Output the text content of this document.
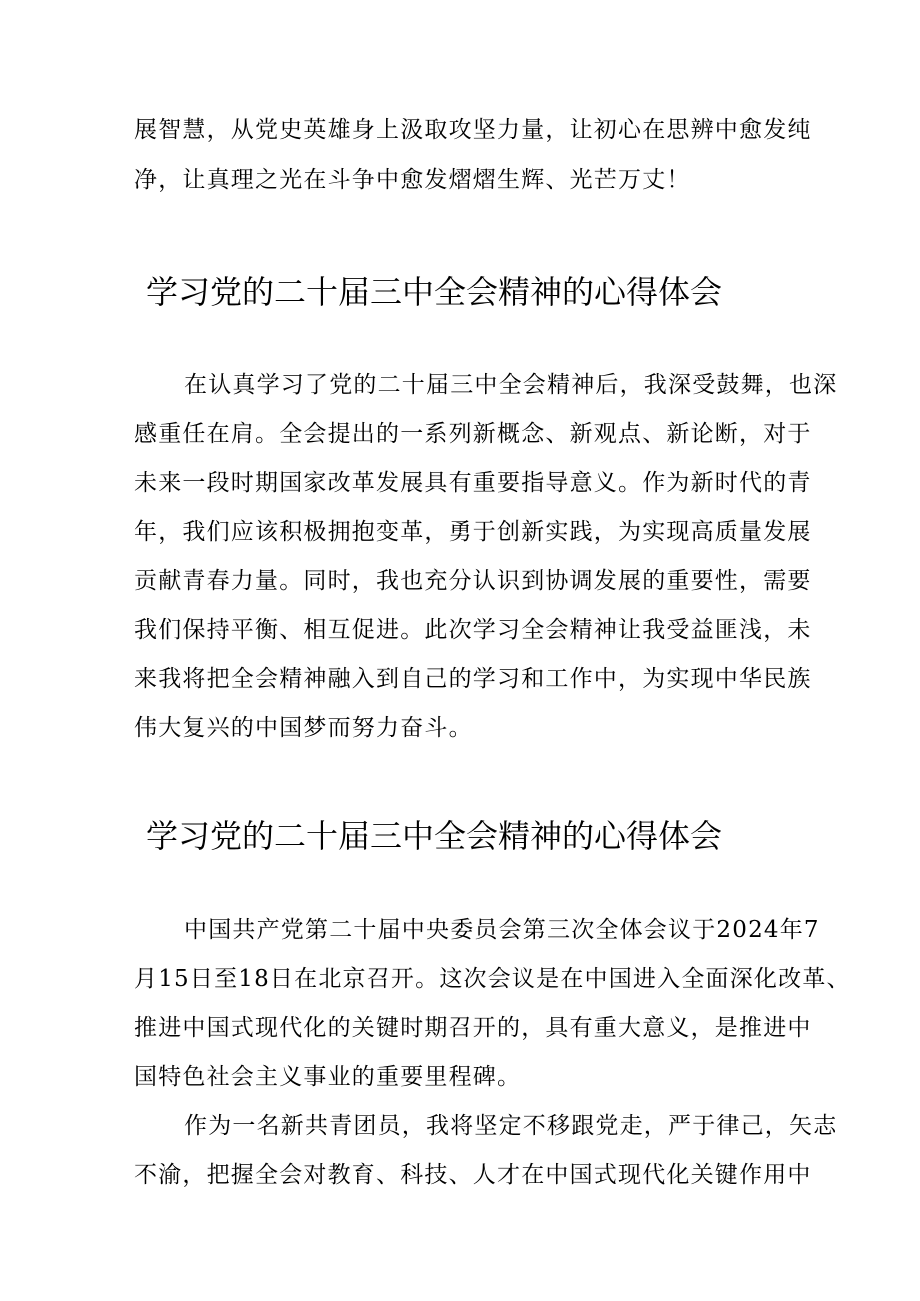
展智慧，从党史英雄身上汲取攻坚力量，让初心在思辨中愈发纯
净，让真理之光在斗争中愈发熠熠生辉、光芒万丈！
学习党的二十届三中全会精神的心得体会
在认真学习了党的二十届三中全会精神后，我深受鼓舞，也深
感重任在肩。全会提出的一系列新概念、新观点、新论断，对于
未来一段时期国家改革发展具有重要指导意义。作为新时代的青
年，我们应该积极拥抱变革，勇于创新实践，为实现高质量发展
贡献青春力量。同时，我也充分认识到协调发展的重要性，需要
我们保持平衡、相互促进。此次学习全会精神让我受益匪浅，未
来我将把全会精神融入到自己的学习和工作中，为实现中华民族
伟大复兴的中国梦而努力奋斗。
学习党的二十届三中全会精神的心得体会
中国共产党第二十届中央委员会第三次全体会议于2024年7
月15日至18日在北京召开。这次会议是在中国进入全面深化改革、
推进中国式现代化的关键时期召开的，具有重大意义，是推进中
国特色社会主义事业的重要里程碑。
作为一名新共青团员，我将坚定不移跟党走，严于律己，矢志
不渝，把握全会对教育、科技、人才在中国式现代化关键作用中
